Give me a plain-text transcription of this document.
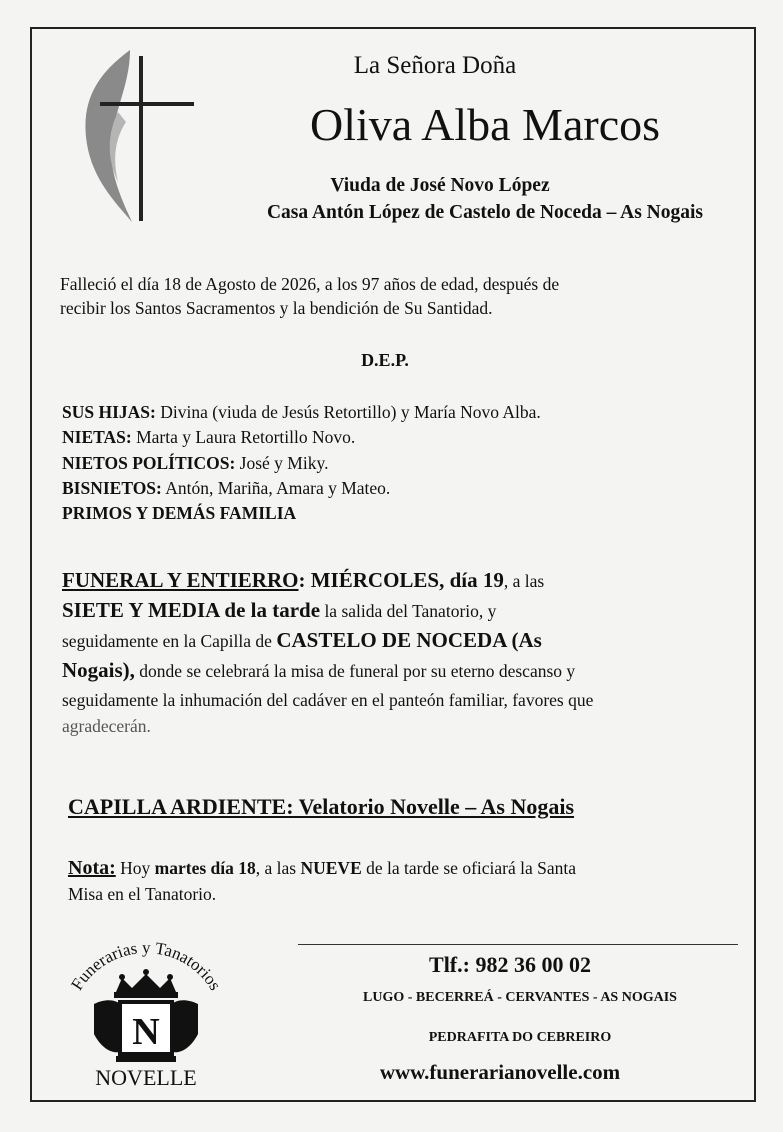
La Señora Doña
Oliva Alba Marcos
Viuda de José Novo López
Casa Antón López de Castelo de Noceda – As Nogais
Falleció el día 18 de Agosto de 2026, a los 97 años de edad, después de
recibir los Santos Sacramentos y la bendición de Su Santidad.
D.E.P.
SUS HIJAS: Divina (viuda de Jesús Retortillo) y María Novo Alba.
NIETAS: Marta y Laura Retortillo Novo.
NIETOS POLÍTICOS: José y Miky.
BISNIETOS: Antón, Mariña, Amara y Mateo.
PRIMOS Y DEMÁS FAMILIA
FUNERAL Y ENTIERRO: MIÉRCOLES, día 19, a las
SIETE Y MEDIA de la tarde la salida del Tanatorio, y
seguidamente en la Capilla de CASTELO DE NOCEDA (As
Nogais), donde se celebrará la misa de funeral por su eterno descanso y
seguidamente la inhumación del cadáver en el panteón familiar, favores que
agradecerán.
CAPILLA ARDIENTE: Velatorio Novelle – As Nogais
Nota: Hoy martes día 18, a las NUEVE de la tarde se oficiará la Santa
Misa en el Tanatorio.
Funerarias y Tanatorios
N
NOVELLE
Tlf.: 982 36 00 02
LUGO - BECERREÁ - CERVANTES - AS NOGAIS
PEDRAFITA DO CEBREIRO
www.funerarianovelle.com
